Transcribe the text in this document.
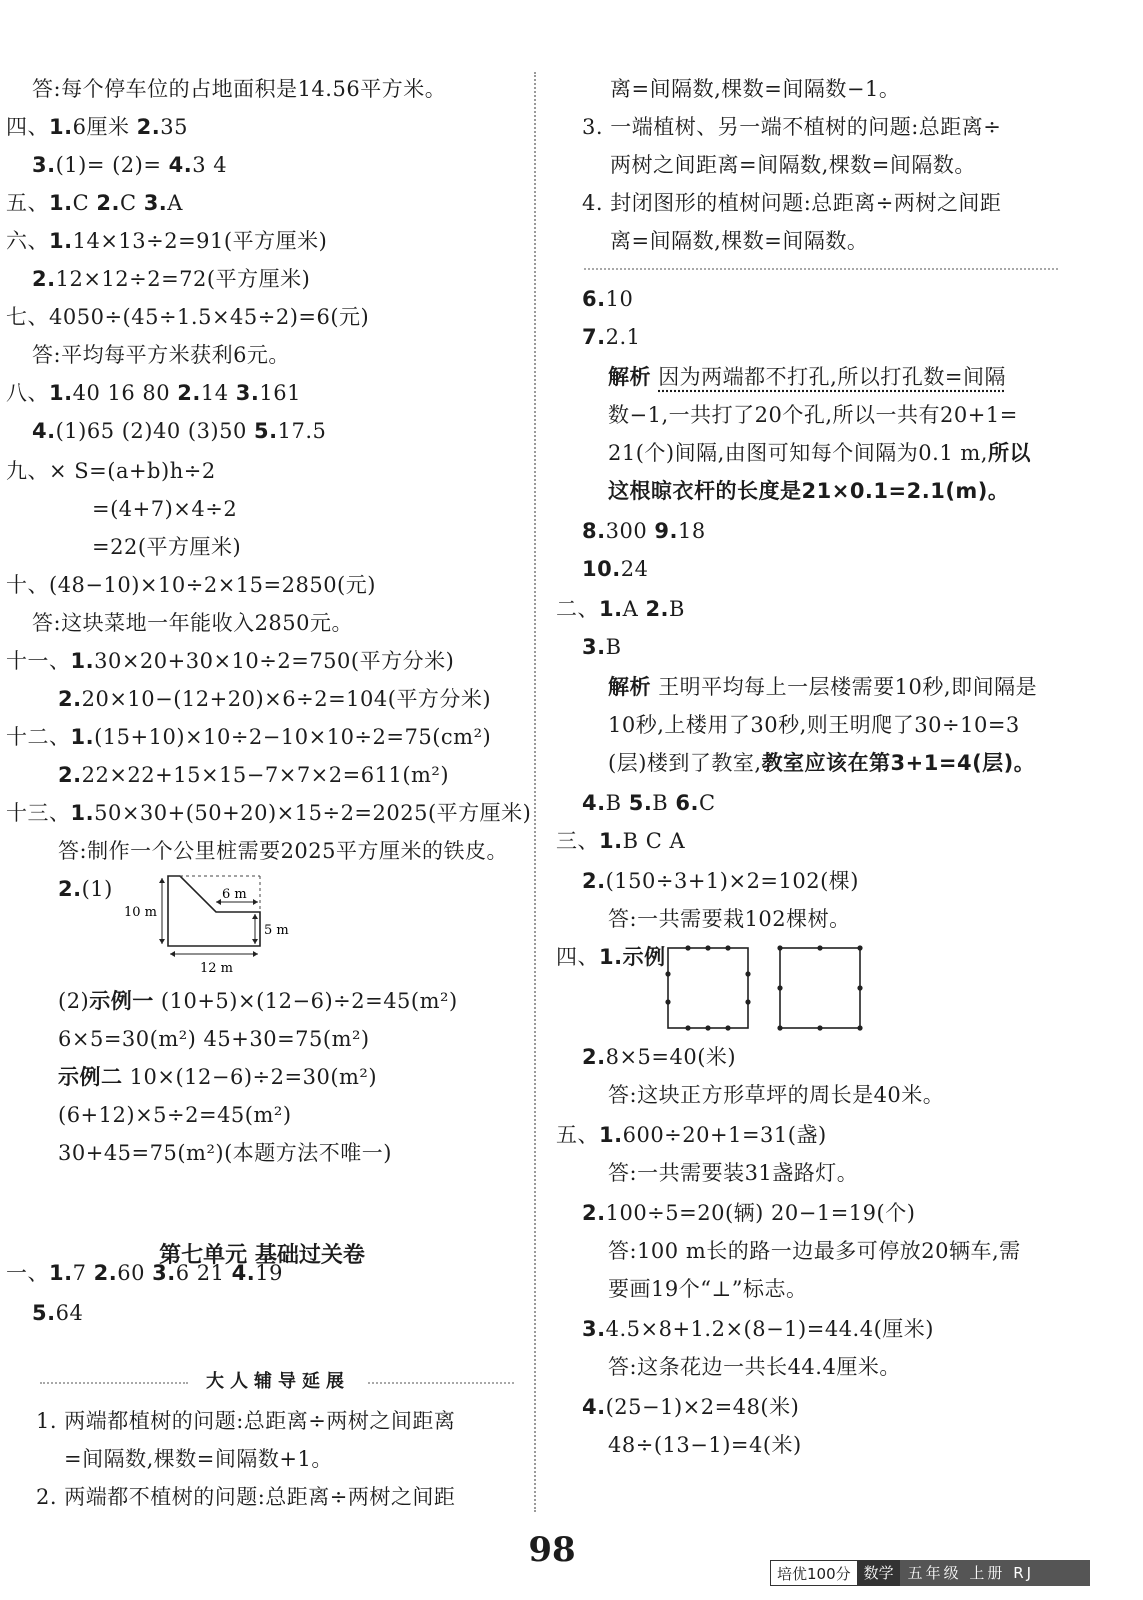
答:每个停车位的占地面积是14.56平方米。
四、1.6厘米 2.35
3.(1)= (2)= 4.3 4
五、1.C 2.C 3.A
六、1.14×13÷2=91(平方厘米)
2.12×12÷2=72(平方厘米)
七、4050÷(45÷1.5×45÷2)=6(元)
答:平均每平方米获利6元。
八、1.40 16 80 2.14 3.161
4.(1)65 (2)40 (3)50 5.17.5
九、× S=(a+b)h÷2
=(4+7)×4÷2
=22(平方厘米)
十、(48−10)×10÷2×15=2850(元)
答:这块菜地一年能收入2850元。
十一、1.30×20+30×10÷2=750(平方分米)
2.20×10−(12+20)×6÷2=104(平方分米)
十二、1.(15+10)×10÷2−10×10÷2=75(cm²)
2.22×22+15×15−7×7×2=611(m²)
十三、1.50×30+(50+20)×15÷2=2025(平方厘米)
答:制作一个公里桩需要2025平方厘米的铁皮。
2.(1)	6 m
10 m
5 m
12 m
(2)示例一 (10+5)×(12−6)÷2=45(m²)
6×5=30(m²) 45+30=75(m²)
示例二 10×(12−6)÷2=30(m²)
(6+12)×5÷2=45(m²)
30+45=75(m²)(本题方法不唯一)
第七单元 基础过关卷
一、1.7 2.60 3.6 21 4.19
5.64
大人辅导延展
1. 两端都植树的问题:总距离÷两树之间距离
=间隔数,棵数=间隔数+1。
2. 两端都不植树的问题:总距离÷两树之间距
离=间隔数,棵数=间隔数−1。
3. 一端植树、另一端不植树的问题:总距离÷
两树之间距离=间隔数,棵数=间隔数。
4. 封闭图形的植树问题:总距离÷两树之间距
离=间隔数,棵数=间隔数。
6.10
7.2.1
解析 因为两端都不打孔,所以打孔数=间隔
数−1,一共打了20个孔,所以一共有20+1=
21(个)间隔,由图可知每个间隔为0.1 m,所以
这根晾衣杆的长度是21×0.1=2.1(m)。
8.300 9.18
10.24
二、1.A 2.B
3.B
解析 王明平均每上一层楼需要10秒,即间隔是
10秒,上楼用了30秒,则王明爬了30÷10=3
(层)楼到了教室,教室应该在第3+1=4(层)。
4.B 5.B 6.C
三、1.B C A
2.(150÷3+1)×2=102(棵)
答:一共需要栽102棵树。
四、1.示例
2.8×5=40(米)
答:这块正方形草坪的周长是40米。
五、1.600÷20+1=31(盏)
答:一共需要装31盏路灯。
2.100÷5=20(辆) 20−1=19(个)
答:100 m长的路一边最多可停放20辆车,需
要画19个“⊥”标志。
3.4.5×8+1.2×(8−1)=44.4(厘米)
答:这条花边一共长44.4厘米。
4.(25−1)×2=48(米)
48÷(13−1)=4(米)
98
培优100分 数学 五年级 上册 RJ
